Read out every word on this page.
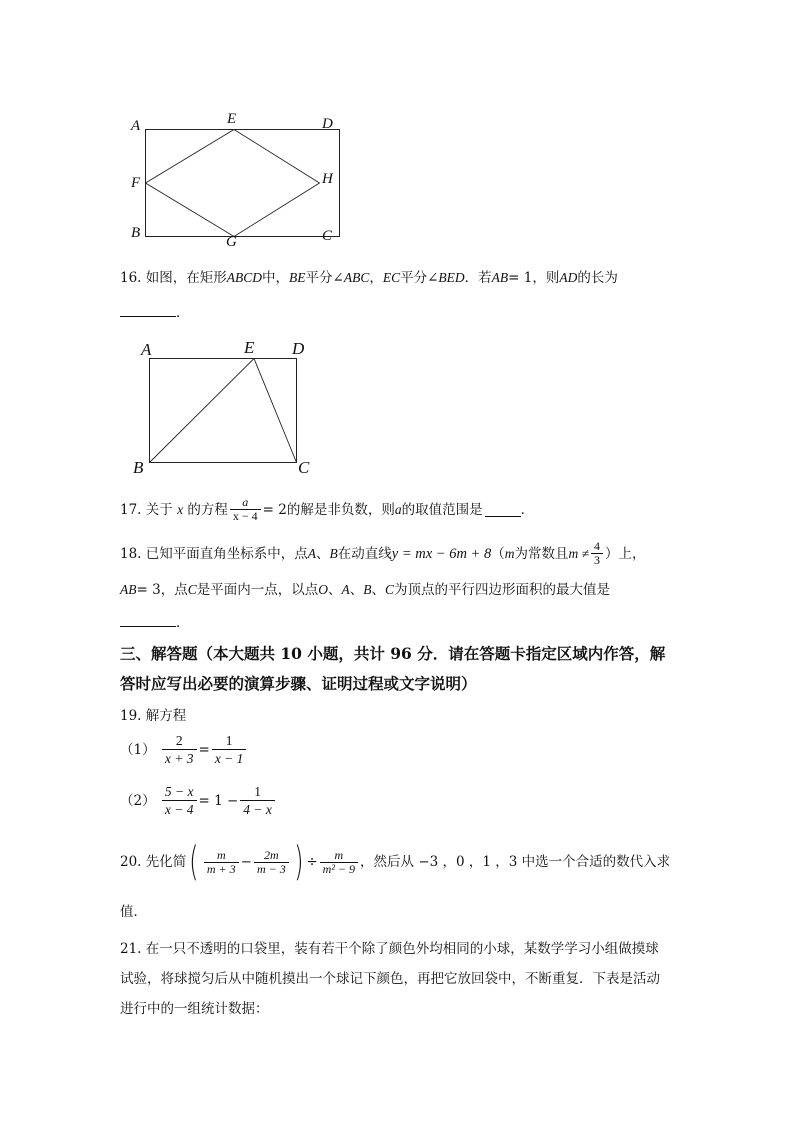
A	E	D
F	H
B
G	C
16. 如图，在矩形ABCD中，BE平分∠ABC，EC平分∠BED．若AB= 1，则AD的长为
．
A	E D
B	C
17.
关于
x
的方程 $\frac{a}{x - 4} = 2$ 的解是非负数，则 a 的取值范围是	．
18.
已知平面直角坐标系中，点 A 、 B 在动直线 y = mx − 6m + 8 （ m 为常数且 $m \ne \frac{4}{3}$ ）上，
AB= 3，点C是平面内一点，以点O、A、B、C为顶点的平行四边形面积的最大值是
．
三、解答题（本大题共 10 小题，共计 96 分．请在答题卡指定区域内作答，解
答时应写出必要的演算步骤、证明过程或文字说明）
19. 解方程
（1）
$\frac{2}{x + 3} = \frac{1}{x - 1}$
（2）
$\frac{5 - x}{x - 4} = 1 - \frac{1}{4 - x}$
20.
先化简 ( $\frac{m}{m + 3} - \frac{2m}{m - 3}$ ) ÷ $\frac{m}{\text{m² − 9}}$ ，然后从 −3 ，0 ，1 ，3 中选一个合适的数代入求
值．
21. 在一只不透明的口袋里，装有若干个除了颜色外均相同的小球，某数学学习小组做摸球
试验，将球搅匀后从中随机摸出一个球记下颜色，再把它放回袋中，不断重复．下表是活动
进行中的一组统计数据：
